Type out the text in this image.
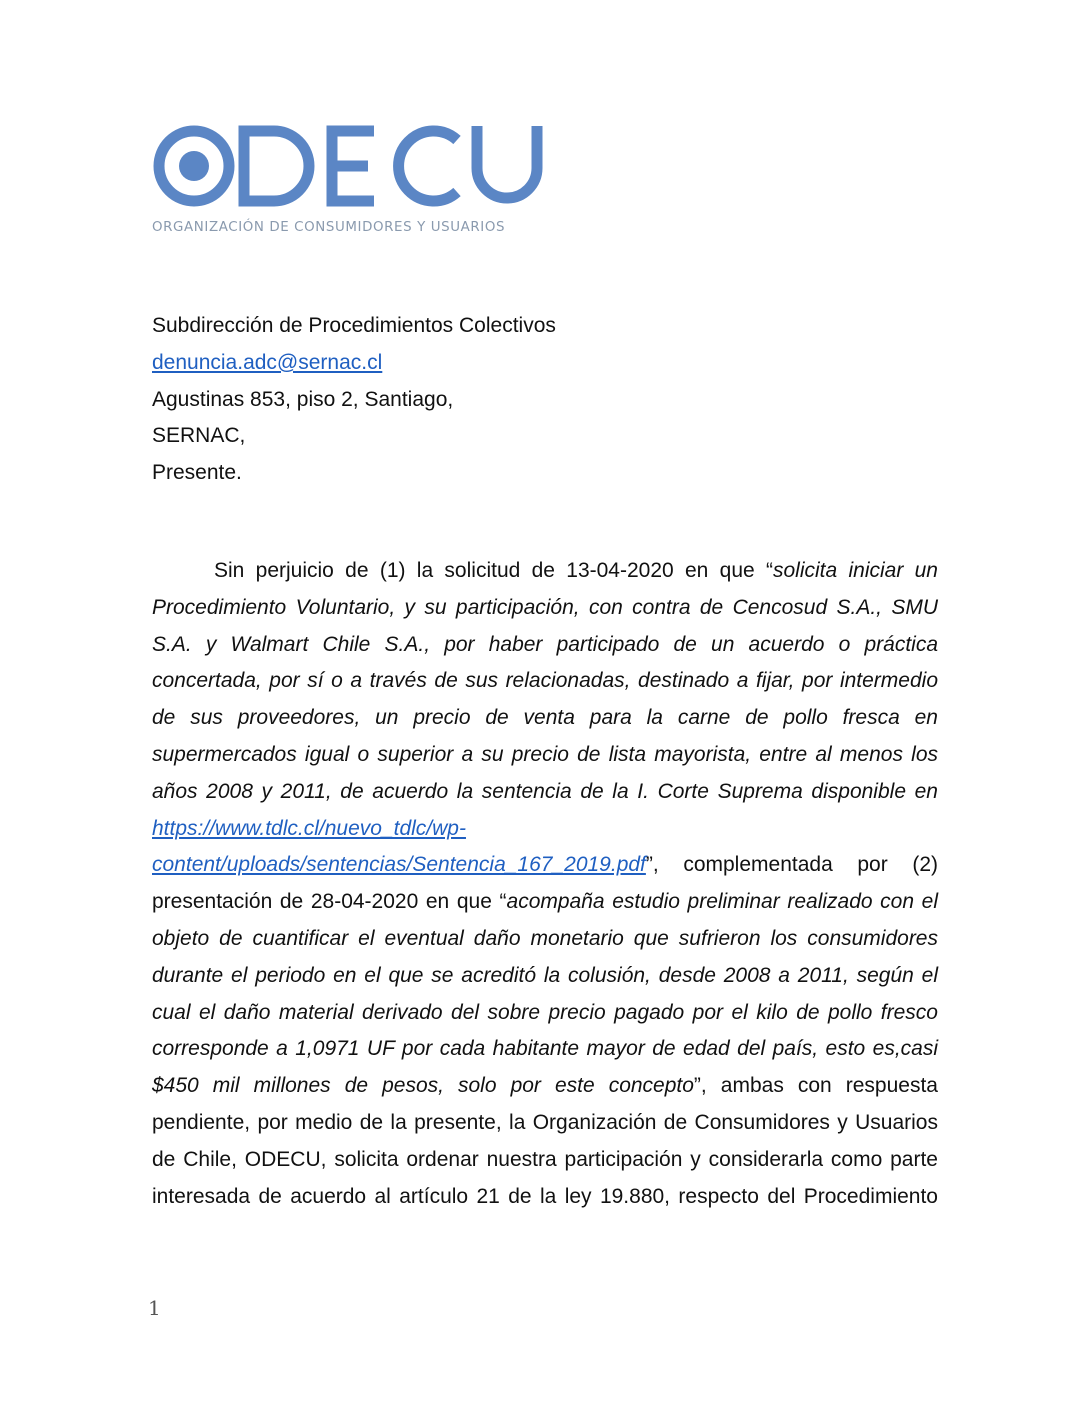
ODECU
ORGANIZACIÓN DE CONSUMIDORES Y USUARIOS
Subdirección de Procedimientos Colectivos
denuncia.adc@sernac.cl
Agustinas 853, piso 2, Santiago,
SERNAC,
Presente.
Sin perjuicio de (1) la solicitud de 13-04-2020 en que “solicita iniciar un
Procedimiento Voluntario, y su participación, con contra de Cencosud S.A., SMU
S.A. y Walmart Chile S.A., por haber participado de un acuerdo o práctica
concertada, por sí o a través de sus relacionadas, destinado a fijar, por intermedio
de sus proveedores, un precio de venta para la carne de pollo fresca en
supermercados igual o superior a su precio de lista mayorista, entre al menos los
años 2008 y 2011, de acuerdo la sentencia de la I. Corte Suprema disponible en
https://www.tdlc.cl/nuevo_tdlc/wp-
content/uploads/sentencias/Sentencia_167_2019.pdf”, complementada por (2)
presentación de 28-04-2020 en que “acompaña estudio preliminar realizado con el
objeto de cuantificar el eventual daño monetario que sufrieron los consumidores
durante el periodo en el que se acreditó la colusión, desde 2008 a 2011, según el
cual el daño material derivado del sobre precio pagado por el kilo de pollo fresco
corresponde a 1,0971 UF por cada habitante mayor de edad del país, esto es,casi
$450 mil millones de pesos, solo por este concepto”, ambas con respuesta
pendiente, por medio de la presente, la Organización de Consumidores y Usuarios
de Chile, ODECU, solicita ordenar nuestra participación y considerarla como parte
interesada de acuerdo al artículo 21 de la ley 19.880, respecto del Procedimiento
1
